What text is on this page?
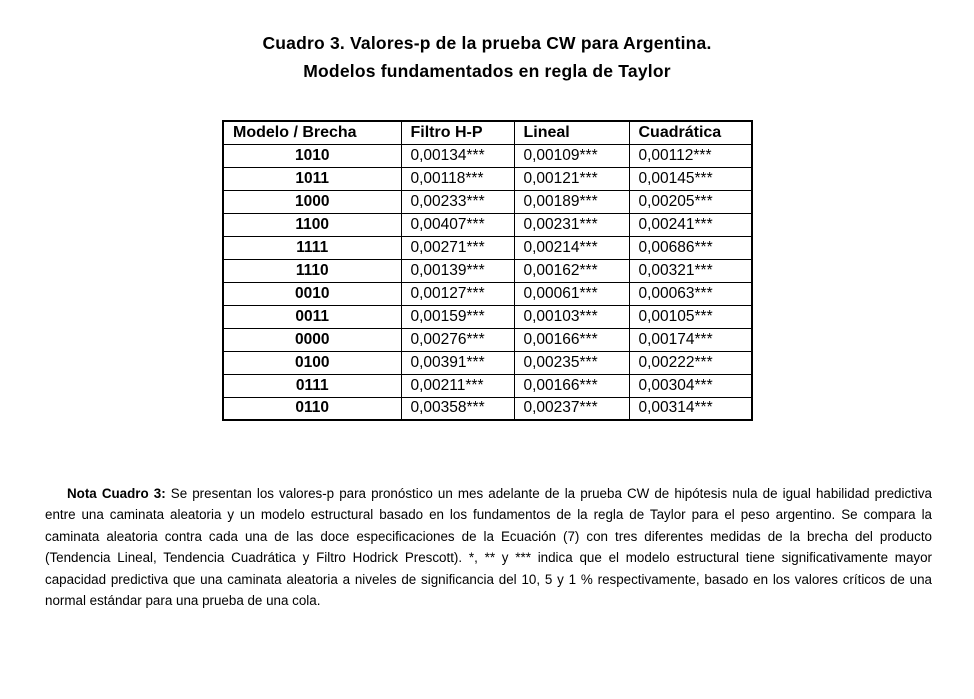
Cuadro 3. Valores-p de la prueba CW para Argentina.
Modelos fundamentados en regla de Taylor
Modelo / Brecha	Filtro H-P	Lineal	Cuadrática
1010	0,00134***	0,00109***	0,00112***
1011	0,00118***	0,00121***	0,00145***
1000	0,00233***	0,00189***	0,00205***
1100	0,00407***	0,00231***	0,00241***
1111	0,00271***	0,00214***	0,00686***
1110	0,00139***	0,00162***	0,00321***
0010	0,00127***	0,00061***	0,00063***
0011	0,00159***	0,00103***	0,00105***
0000	0,00276***	0,00166***	0,00174***
0100	0,00391***	0,00235***	0,00222***
0111	0,00211***	0,00166***	0,00304***
0110	0,00358***	0,00237***	0,00314***

Nota Cuadro 3: Se presentan los valores-p para pronóstico un mes adelante de la prueba CW de hipótesis nula de igual habilidad predictiva entre una caminata aleatoria y un modelo estructural basado en los fundamentos de la regla de Taylor para el peso argentino. Se compara la caminata aleatoria contra cada una de las doce especificaciones de la Ecuación (7) con tres diferentes medidas de la brecha del producto (Tendencia Lineal, Tendencia Cuadrática y Filtro Hodrick Prescott). *, ** y *** indica que el modelo estructural tiene significativamente mayor capacidad predictiva que una caminata aleatoria a niveles de significancia del 10, 5 y 1 % respectivamente, basado en los valores críticos de una normal estándar para una prueba de una cola.
